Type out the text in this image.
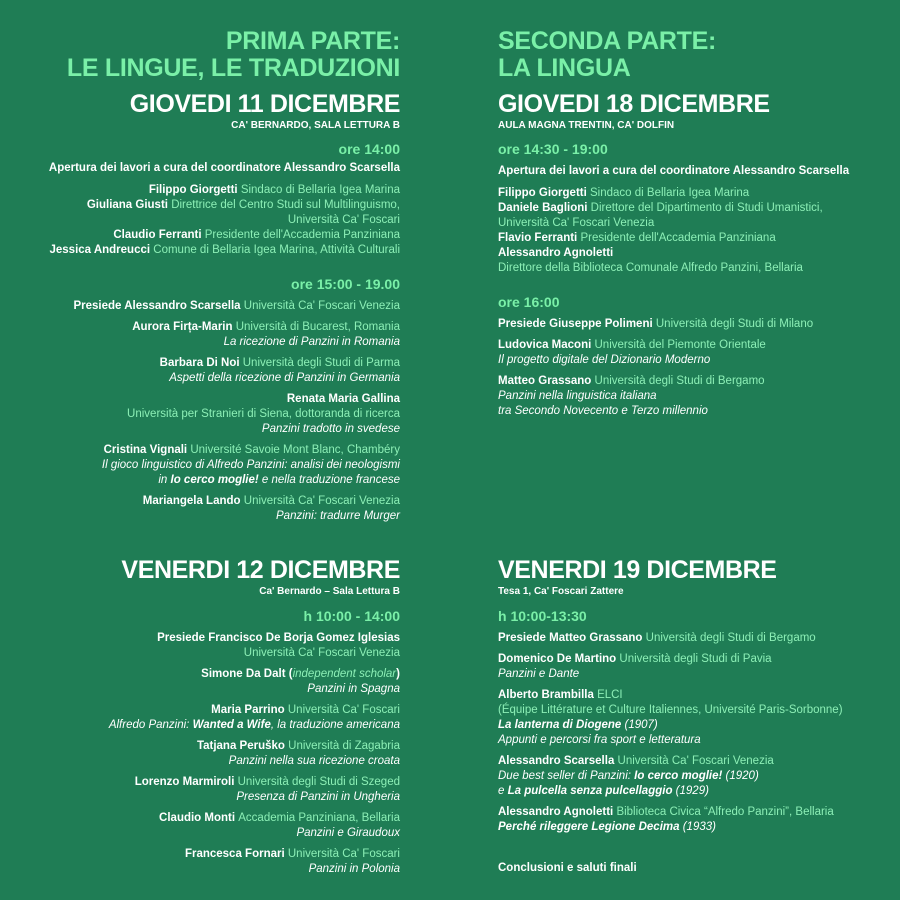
PRIMA PARTE:
LE LINGUE, LE TRADUZIONI
GIOVEDI 11 DICEMBRE
CA' BERNARDO, SALA LETTURA B
ore 14:00
Apertura dei lavori a cura del coordinatore Alessandro Scarsella
Filippo Giorgetti Sindaco di Bellaria Igea Marina
Giuliana Giusti Direttrice del Centro Studi sul Multilinguismo,
Università Ca' Foscari
Claudio Ferranti Presidente dell'Accademia Panziniana
Jessica Andreucci Comune di Bellaria Igea Marina, Attività Culturali
ore 15:00 - 19.00
Presiede Alessandro Scarsella Università Ca' Foscari Venezia
Aurora Firța-Marin Università di Bucarest, Romania
La ricezione di Panzini in Romania
Barbara Di Noi Università degli Studi di Parma
Aspetti della ricezione di Panzini in Germania
Renata Maria Gallina
Università per Stranieri di Siena, dottoranda di ricerca
Panzini tradotto in svedese
Cristina Vignali Université Savoie Mont Blanc, Chambéry
Il gioco linguistico di Alfredo Panzini: analisi dei neologismi
in Io cerco moglie! e nella traduzione francese
Mariangela Lando Università Ca' Foscari Venezia
Panzini: tradurre Murger
SECONDA PARTE:
LA LINGUA
GIOVEDI 18 DICEMBRE
AULA MAGNA TRENTIN, CA' DOLFIN
ore 14:30 - 19:00
Apertura dei lavori a cura del coordinatore Alessandro Scarsella
Filippo Giorgetti Sindaco di Bellaria Igea Marina
Daniele Baglioni Direttore del Dipartimento di Studi Umanistici,
Università Ca' Foscari Venezia
Flavio Ferranti Presidente dell'Accademia Panziniana
Alessandro Agnoletti
Direttore della Biblioteca Comunale Alfredo Panzini, Bellaria
ore 16:00
Presiede Giuseppe Polimeni Università degli Studi di Milano
Ludovica Maconi Università del Piemonte Orientale
Il progetto digitale del Dizionario Moderno
Matteo Grassano Università degli Studi di Bergamo
Panzini nella linguistica italiana
tra Secondo Novecento e Terzo millennio
VENERDI 12 DICEMBRE
Ca' Bernardo – Sala Lettura B
h 10:00 - 14:00
Presiede Francisco De Borja Gomez Iglesias
Università Ca' Foscari Venezia
Simone Da Dalt (independent scholar)
Panzini in Spagna
Maria Parrino Università Ca' Foscari
Alfredo Panzini: Wanted a Wife, la traduzione americana
Tatjana Peruško Università di Zagabria
Panzini nella sua ricezione croata
Lorenzo Marmiroli Università degli Studi di Szeged
Presenza di Panzini in Ungheria
Claudio Monti Accademia Panziniana, Bellaria
Panzini e Giraudoux
Francesca Fornari Università Ca' Foscari
Panzini in Polonia
VENERDI 19 DICEMBRE
Tesa 1, Ca' Foscari Zattere
h 10:00-13:30
Presiede Matteo Grassano Università degli Studi di Bergamo
Domenico De Martino Università degli Studi di Pavia
Panzini e Dante
Alberto Brambilla ELCI
(Équipe Littérature et Culture Italiennes, Université Paris-Sorbonne)
La lanterna di Diogene (1907)
Appunti e percorsi fra sport e letteratura
Alessandro Scarsella Università Ca' Foscari Venezia
Due best seller di Panzini: Io cerco moglie! (1920)
e La pulcella senza pulcellaggio (1929)
Alessandro Agnoletti Biblioteca Civica “Alfredo Panzini”, Bellaria
Perché rileggere Legione Decima (1933)
Conclusioni e saluti finali
